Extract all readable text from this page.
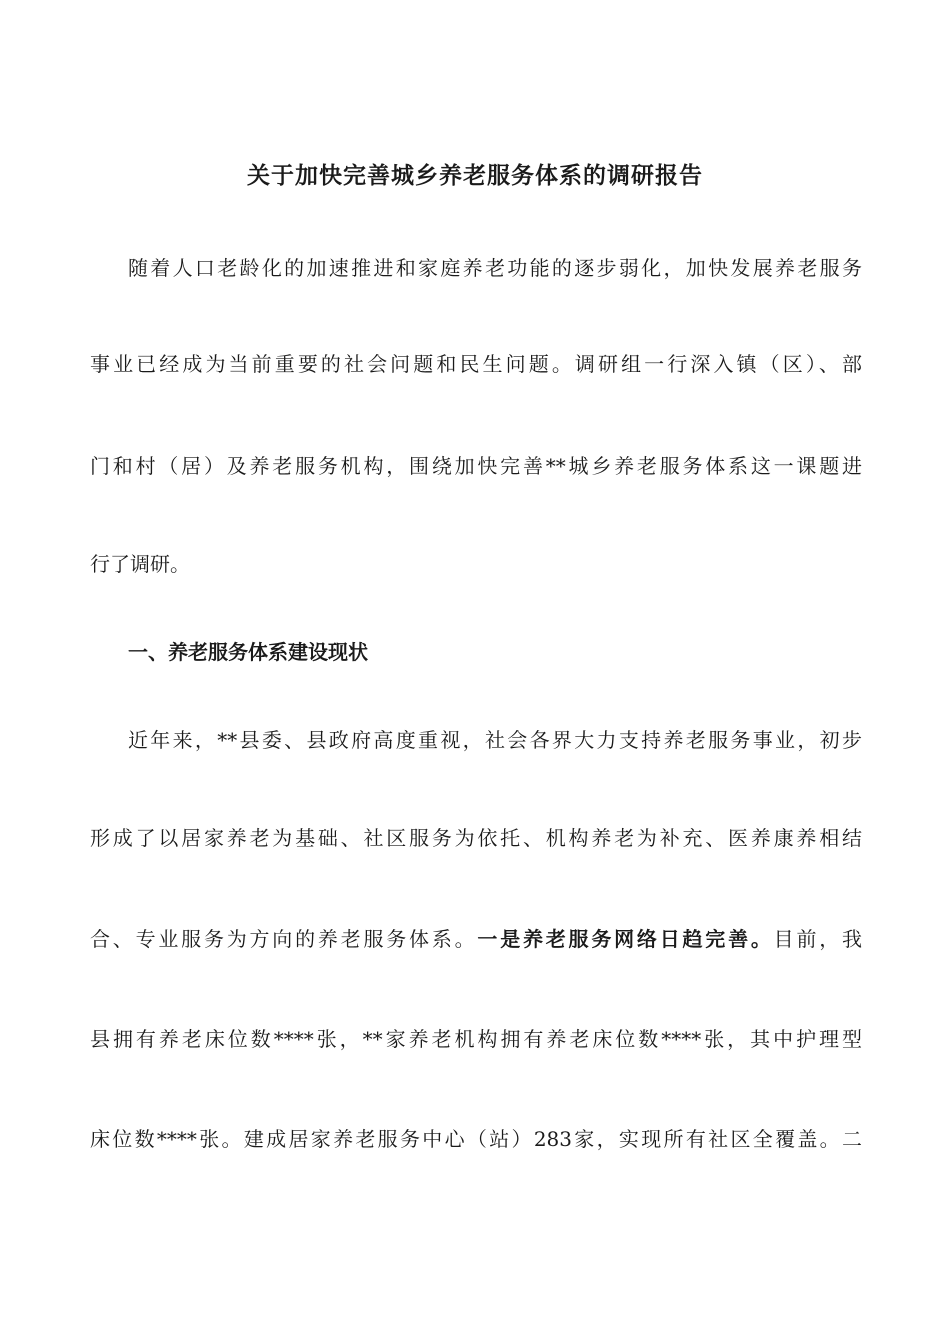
关于加快完善城乡养老服务体系的调研报告
随着人口老龄化的加速推进和家庭养老功能的逐步弱化，加快发展养老服务
事业已经成为当前重要的社会问题和民生问题。调研组一行深入镇（区）、部
门和村（居）及养老服务机构，围绕加快完善**城乡养老服务体系这一课题进
行了调研。
一、养老服务体系建设现状
近年来，**县委、县政府高度重视，社会各界大力支持养老服务事业，初步
形成了以居家养老为基础、社区服务为依托、机构养老为补充、医养康养相结
合、专业服务为方向的养老服务体系。一是养老服务网络日趋完善。目前，我
县拥有养老床位数****张，**家养老机构拥有养老床位数****张，其中护理型
床位数****张。建成居家养老服务中心（站）283家，实现所有社区全覆盖。二
